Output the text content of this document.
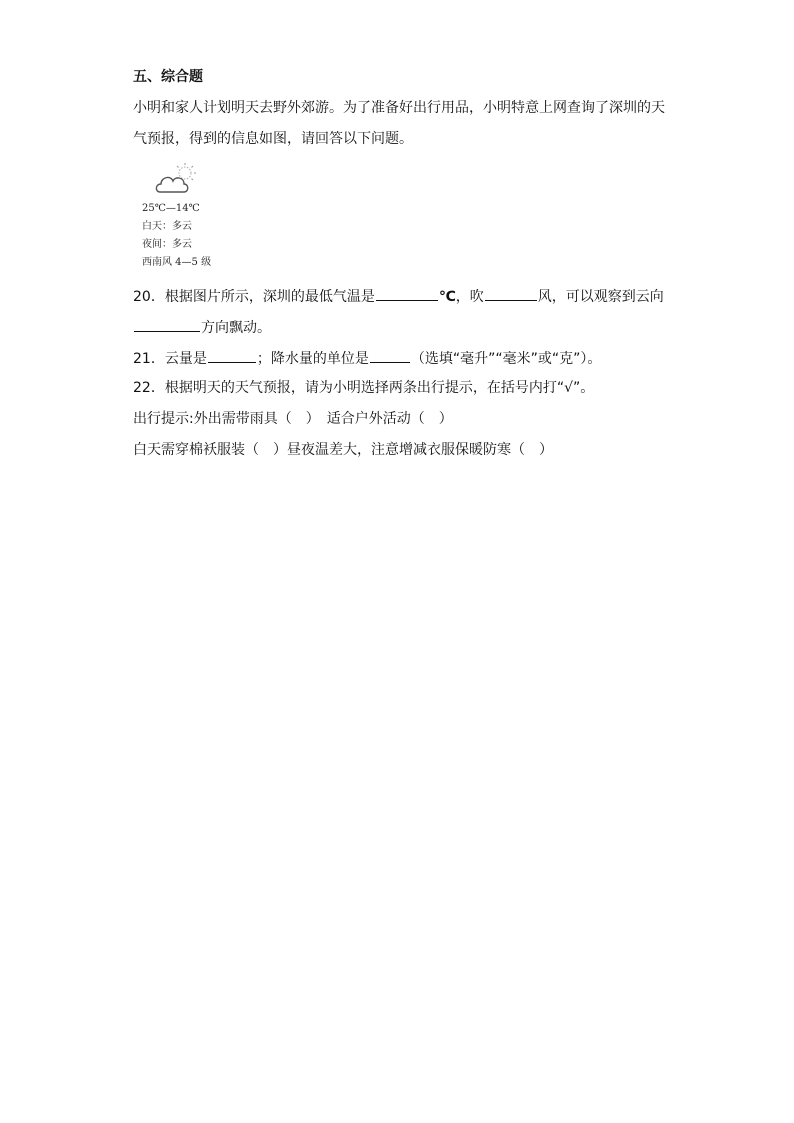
五、综合题
小明和家人计划明天去野外郊游。为了准备好出行用品，小明特意上网查询了深圳的天
气预报，得到的信息如图，请回答以下问题。
25℃—14℃
白天：多云
夜间：多云
西南风 4—5 级
20．根据图片所示，深圳的最低气温是	℃，吹	风，可以观察到云向
方向飘动。
21．云量是	；降水量的单位是	（选填“毫升”“毫米”或“克”）。
22．根据明天的天气预报，请为小明选择两条出行提示，在括号内打“√”。
出行提示:外出需带雨具（　）　适合户外活动（　）
白天需穿棉袄服装（　）昼夜温差大，注意增减衣服保暖防寒（　）
